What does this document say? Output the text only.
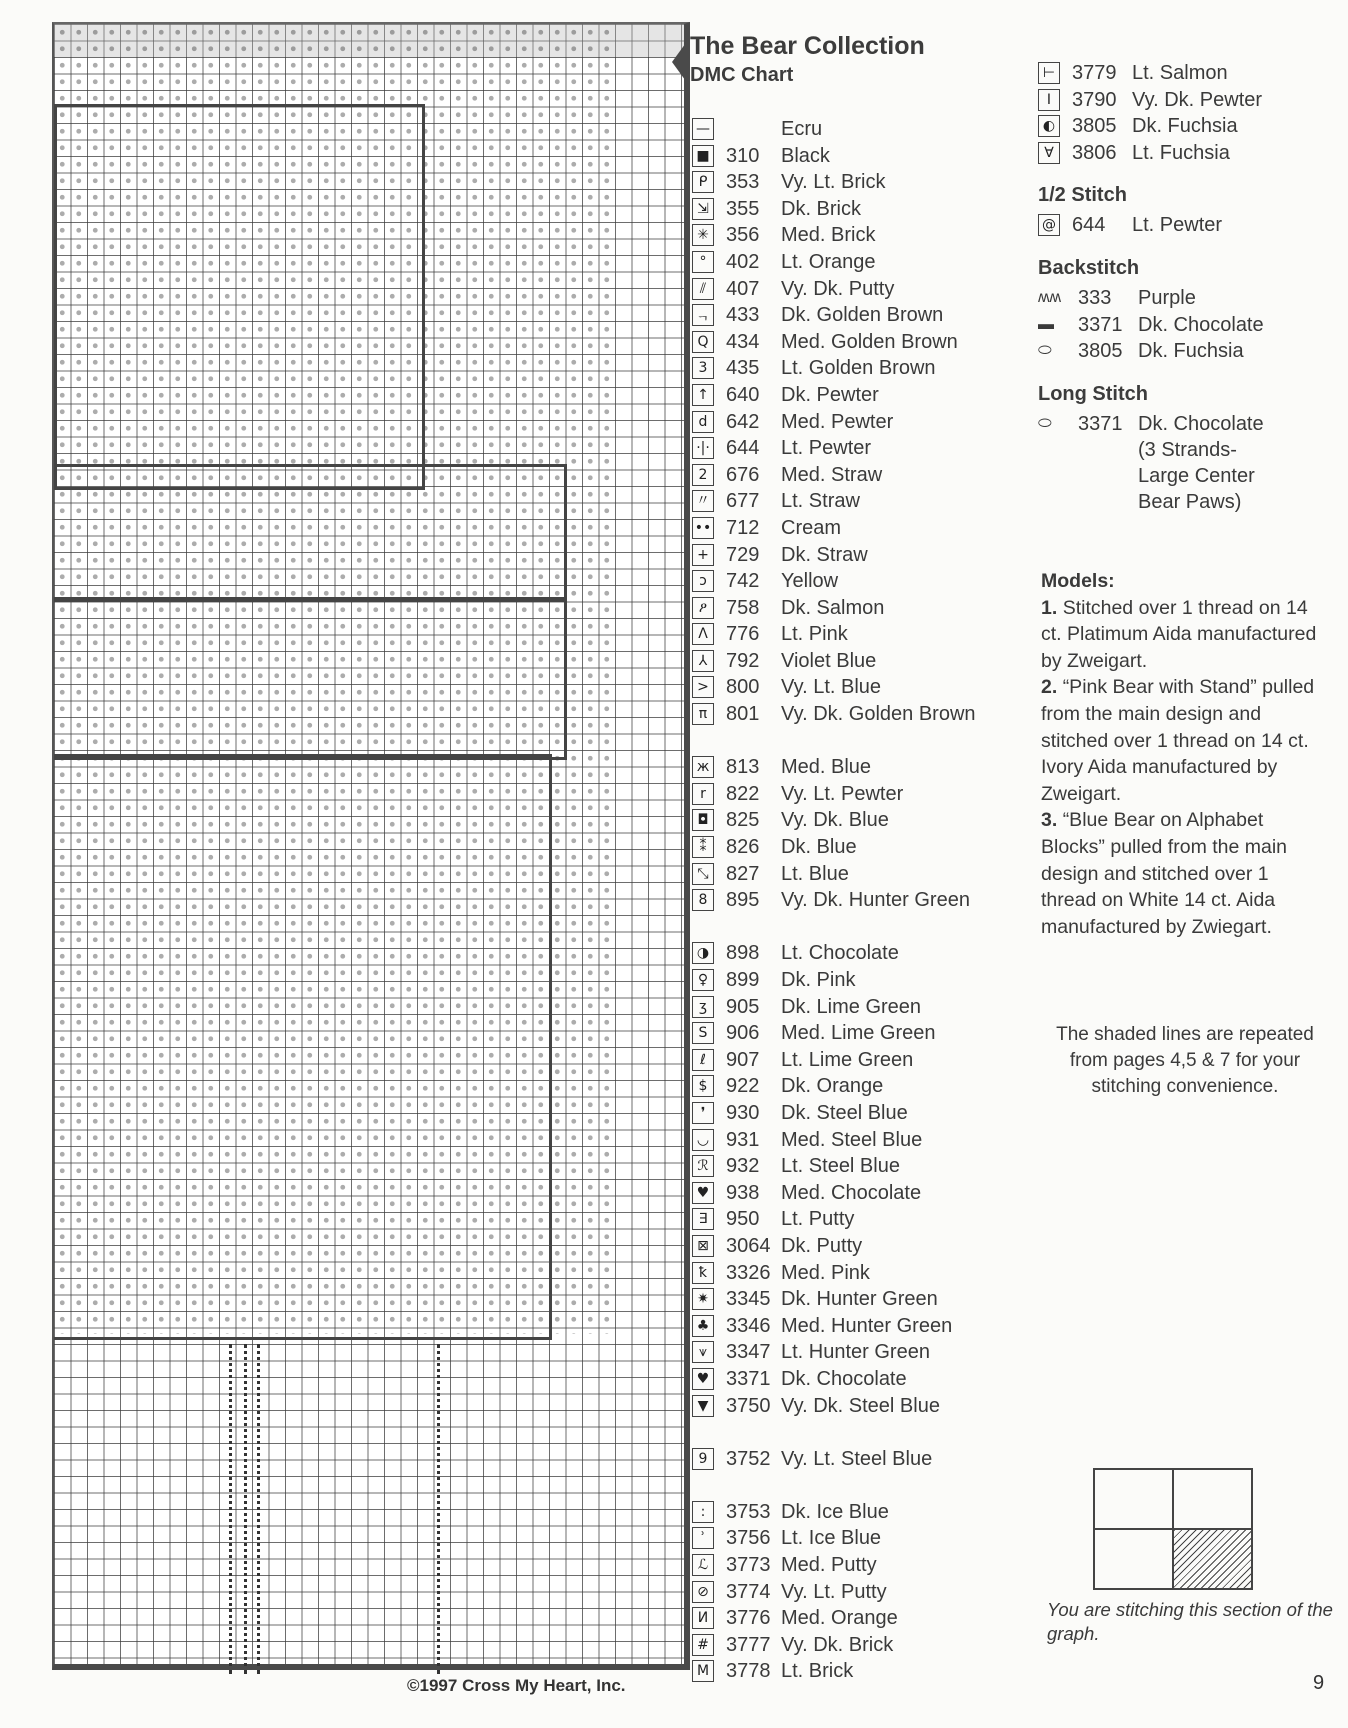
The Bear Collection
DMC Chart
—	Ecru
■ 310	Black
ᑭ 353	Vy. Lt. Brick
⇲ 355	Dk. Brick
✳ 356	Med. Brick
° 402	Lt. Orange
⫽ 407	Vy. Dk. Putty
ᆨ 433	Dk. Golden Brown
Q 434	Med. Golden Brown
3 435	Lt. Golden Brown
↑ 640	Dk. Pewter
d 642	Med. Pewter
·|· 644	Lt. Pewter
2 676	Med. Straw
〃 677	Lt. Straw
•• 712	Cream
+ 729	Dk. Straw
ↄ 742	Yellow
ዖ 758	Dk. Salmon
Λ 776	Lt. Pink
⅄ 792	Violet Blue
> 800	Vy. Lt. Blue
π 801	Vy. Dk. Golden Brown
ж 813	Med. Blue
r	822	Vy. Lt. Pewter
◘ 825	Vy. Dk. Blue
⁑ 826	Dk. Blue
⤡ 827	Lt. Blue
8 895	Vy. Dk. Hunter Green
◑ 898	Lt. Chocolate
♀ 899	Dk. Pink
ʒ 905	Dk. Lime Green
S 906	Med. Lime Green
ℓ	907	Lt. Lime Green
$ 922	Dk. Orange
❜	930	Dk. Steel Blue
◡ 931	Med. Steel Blue
ℛ 932	Lt. Steel Blue
♥ 938	Med. Chocolate
∃ 950	Lt. Putty
⊠ 3064 Dk. Putty
ꝁ 3326 Med. Pink
✷ 3345 Dk. Hunter Green
♣ 3346 Med. Hunter Green
⩛ 3347 Lt. Hunter Green
♥ 3371 Dk. Chocolate
▼ 3750 Vy. Dk. Steel Blue
9 3752 Vy. Lt. Steel Blue
:	3753 Dk. Ice Blue
ʾ	3756 Lt. Ice Blue
ℒ 3773 Med. Putty
⊘ 3774 Vy. Lt. Putty
И 3776 Med. Orange
# 3777 Vy. Dk. Brick
M 3778 Lt. Brick
⊢ 3779 Lt. Salmon
I	3790 Vy. Dk. Pewter
◐ 3805 Dk. Fuchsia
∀ 3806 Lt. Fuchsia
1/2 Stitch
@ 644	Lt. Pewter
Backstitch
ʍʍ 333	Purple
▬	3371 Dk. Chocolate
⬭	3805 Dk. Fuchsia
Long Stitch
⬭	3371 Dk. Chocolate

(3 Strands-Large Center Bear Paws)
Models:
1. Stitched over 1 thread on 14 ct. Platimum Aida manufactured by Zweigart.
2. “Pink Bear with Stand” pulled from the main design and stitched over 1 thread on 14 ct. Ivory Aida manufactured by Zweigart.
3. “Blue Bear on Alphabet Blocks” pulled from the main design and stitched over 1 thread on White 14 ct. Aida manufactured by Zwiegart.
The shaded lines are repeated from pages 4,5 & 7 for your stitching convenience.
You are stitching this section of the graph.
©1997 Cross My Heart, Inc.	9
